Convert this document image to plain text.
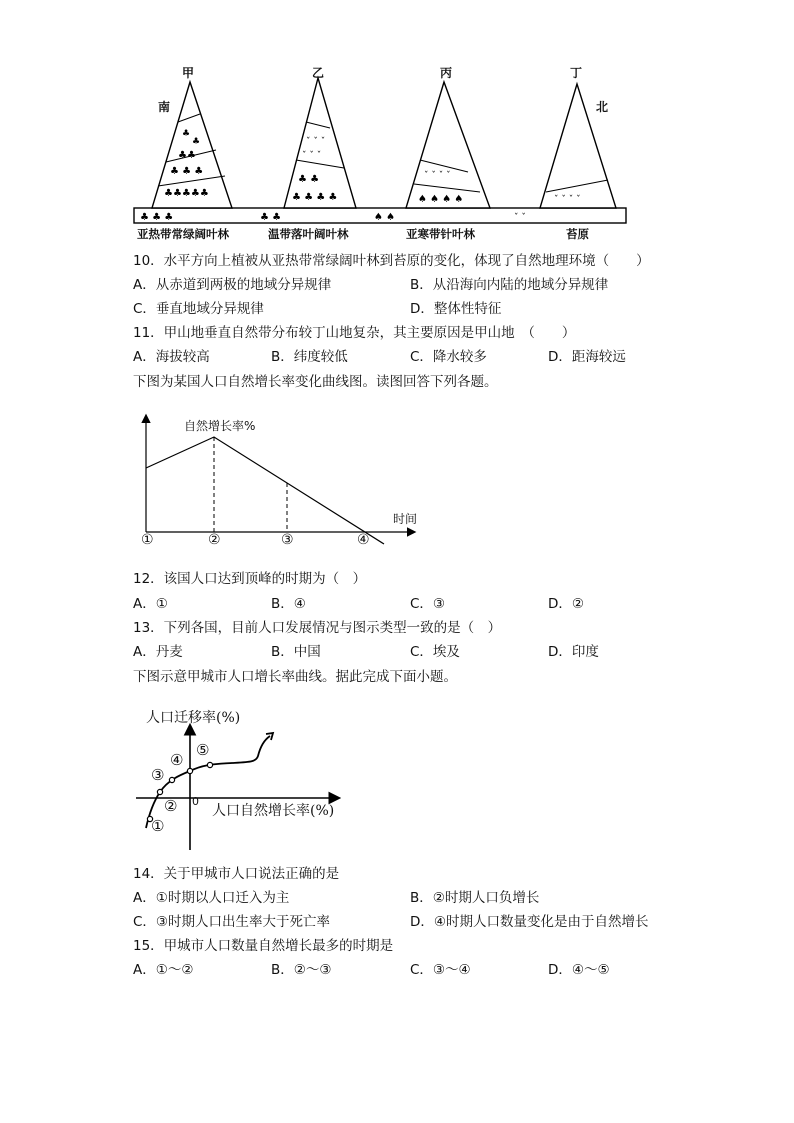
♣
♣
♣♣
♣ ♣ ♣
♣♣♣♣♣
ˇ ˇ ˇ
ˇ ˇ ˇ
♣ ♣
♣ ♣ ♣ ♣
ˇ ˇ ˇ ˇ
♠ ♠ ♠ ♠	ˇ ˇ ˇ ˇ
♣ ♣ ♣	♣ ♣	♠ ♠	ˇ ˇ
甲	乙	丙	丁
南	北
亚热带常绿阔叶林	温带落叶阔叶林	亚寒带针叶林	苔原
10．水平方向上植被从亚热带常绿阔叶林到苔原的变化，体现了自然地理环境（　　）
A．从赤道到两极的地域分异规律	B．从沿海向内陆的地域分异规律
C．垂直地域分异规律	D．整体性特征
11．甲山地垂直自然带分布较丁山地复杂，其主要原因是甲山地　（　　）
A．海拔较高	B．纬度较低	C．降水较多	D．距海较远
下图为某国人口自然增长率变化曲线图。读图回答下列各题。
自然增长率%
时间
①	②	③	④
12．该国人口达到顶峰的时期为（　）
A．①	B．④	C．③	D．②
13．下列各国，目前人口发展情况与图示类型一致的是（　）
A．丹麦	B．中国	C．埃及	D．印度
下图示意甲城市人口增长率曲线。据此完成下面小题。
人口迁移率(%)
人口自然增长率(%)
0
①
②
③
④
⑤
14．关于甲城市人口说法正确的是
A．①时期以人口迁入为主	B．②时期人口负增长
C．③时期人口出生率大于死亡率	D．④时期人口数量变化是由于自然增长
15．甲城市人口数量自然增长最多的时期是
A．①～②	B．②～③	C．③～④	D．④～⑤
